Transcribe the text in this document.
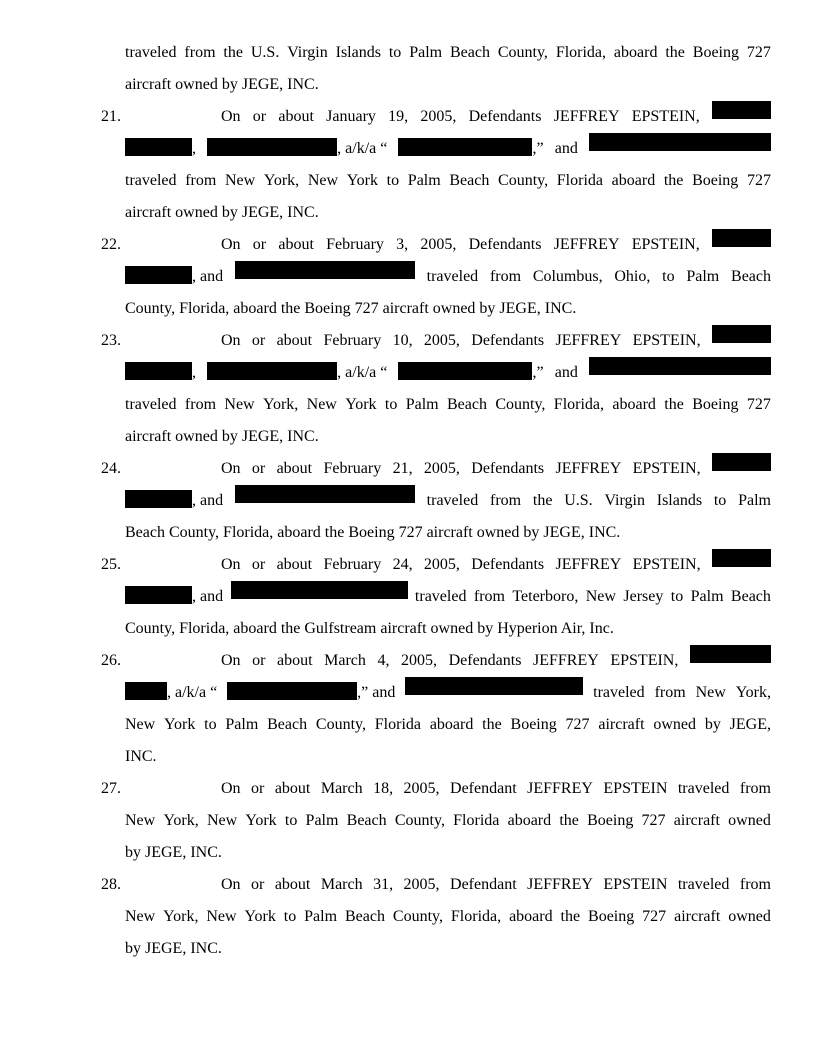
traveled from the U.S. Virgin Islands to Palm Beach County, Florida, aboard the Boeing 727
aircraft owned by JEGE, INC.
21.	On or about January 19, 2005, Defendants JEFFREY EPSTEIN,
,	, a/k/a “	,” and
traveled from New York, New York to Palm Beach County, Florida aboard the Boeing 727
aircraft owned by JEGE, INC.
22.	On or about February 3, 2005, Defendants JEFFREY EPSTEIN,
, and	traveled from Columbus, Ohio, to Palm Beach
County, Florida, aboard the Boeing 727 aircraft owned by JEGE, INC.
23.	On or about February 10, 2005, Defendants JEFFREY EPSTEIN,
,	, a/k/a “	,” and
traveled from New York, New York to Palm Beach County, Florida, aboard the Boeing 727
aircraft owned by JEGE, INC.
24.	On or about February 21, 2005, Defendants JEFFREY EPSTEIN,
, and	traveled from the U.S. Virgin Islands to Palm
Beach County, Florida, aboard the Boeing 727 aircraft owned by JEGE, INC.
25.	On or about February 24, 2005, Defendants JEFFREY EPSTEIN,
, and	traveled from Teterboro, New Jersey to Palm Beach
County, Florida, aboard the Gulfstream aircraft owned by Hyperion Air, Inc.
26.	On or about March 4, 2005, Defendants JEFFREY EPSTEIN,
, a/k/a “	,” and	traveled from New York,
New York to Palm Beach County, Florida aboard the Boeing 727 aircraft owned by JEGE,
INC.
27.	On or about March 18, 2005, Defendant JEFFREY EPSTEIN traveled from
New York, New York to Palm Beach County, Florida aboard the Boeing 727 aircraft owned
by JEGE, INC.
28.	On or about March 31, 2005, Defendant JEFFREY EPSTEIN traveled from
New York, New York to Palm Beach County, Florida, aboard the Boeing 727 aircraft owned
by JEGE, INC.
